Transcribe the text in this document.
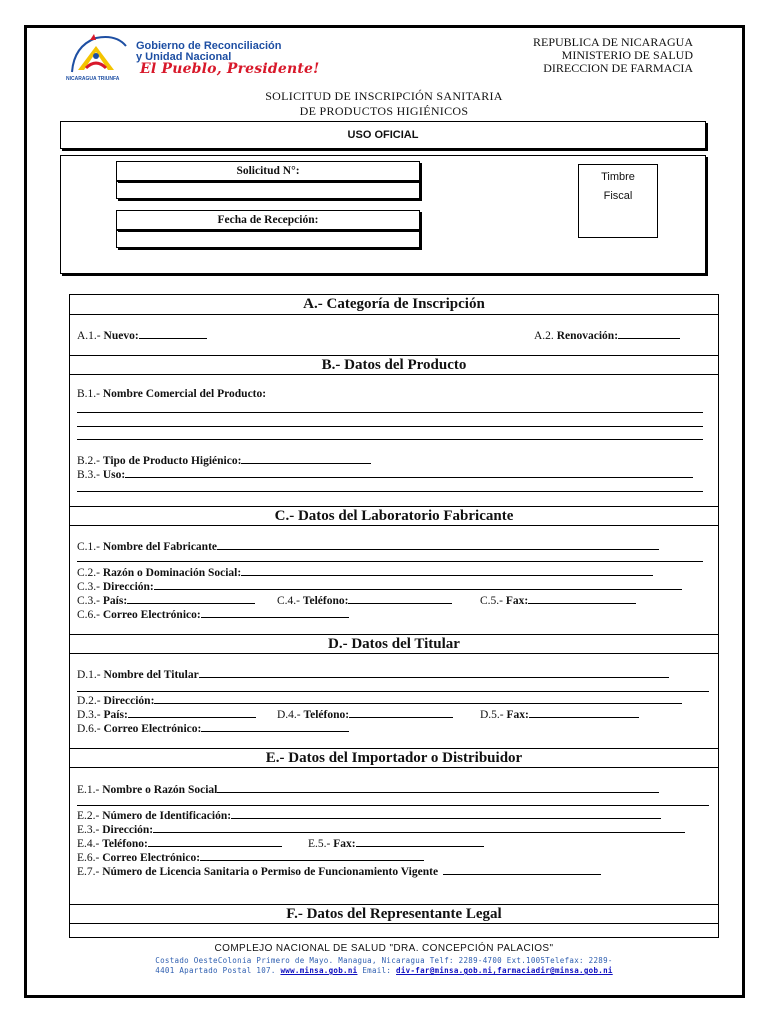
Gobierno de Reconciliación
y Unidad Nacional
El Pueblo, Presidente!
NICARAGUA TRIUNFA
REPUBLICA DE NICARAGUA
MINISTERIO DE SALUD
DIRECCION DE FARMACIA
SOLICITUD DE INSCRIPCIÓN SANITARIA
DE PRODUCTOS HIGIÉNICOS
USO OFICIAL
Solicitud N°:
Fecha de Recepción:
Timbre
Fiscal
A.- Categoría de Inscripción
A.1.- Nuevo:	A.2. Renovación:
B.- Datos del Producto
B.1.- Nombre Comercial del Producto:
B.2.- Tipo de Producto Higiénico:
B.3.- Uso:
C.- Datos del Laboratorio Fabricante
C.1.- Nombre del Fabricante
C.2.- Razón o Dominación Social:
C.3.- Dirección:
C.3.- País:	C.4.- Teléfono:	C.5.- Fax:
C.6.- Correo Electrónico:
D.- Datos del Titular
D.1.- Nombre del Titular
D.2.- Dirección:
D.3.- País:	D.4.- Teléfono:	D.5.- Fax:
D.6.- Correo Electrónico:
E.- Datos del Importador o Distribuidor
E.1.- Nombre o Razón Social
E.2.- Número de Identificación:
E.3.- Dirección:
E.4.- Teléfono:	E.5.- Fax:
E.6.- Correo Electrónico:
E.7.- Número de Licencia Sanitaria o Permiso de Funcionamiento Vigente
F.- Datos del Representante Legal
COMPLEJO NACIONAL DE SALUD "DRA. CONCEPCIÓN PALACIOS"
Costado OesteColonia Primero de Mayo. Managua, Nicaragua Telf: 2289-4700 Ext.1005Telefax: 2289-
4401 Apartado Postal 107. www.minsa.gob.ni Email: div-far@minsa.gob.ni,farmaciadir@minsa.gob.ni
